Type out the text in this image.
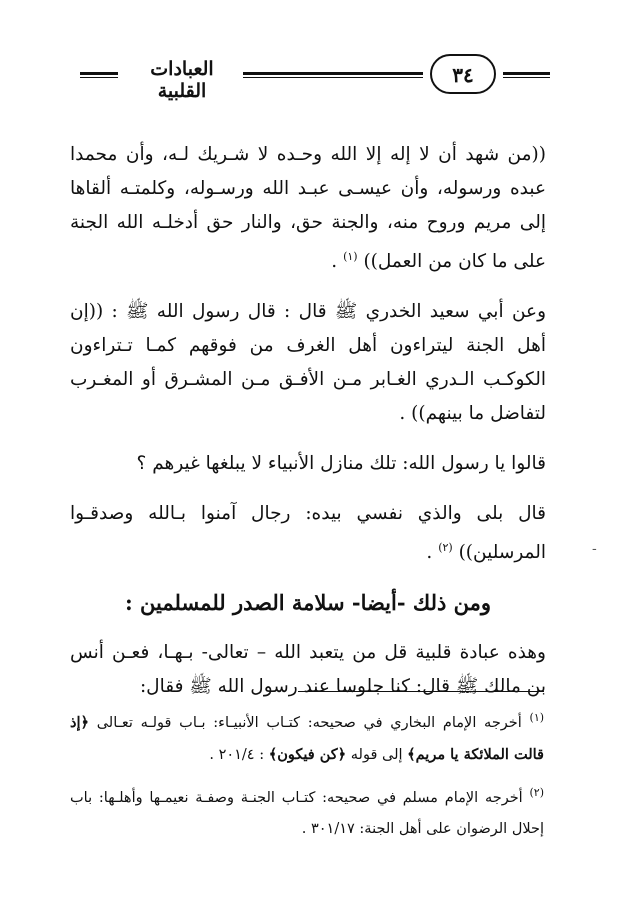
العبادات القلبية
٣٤

((من شهد أن لا إله إلا الله وحـده لا شـريك لـه، وأن محمدا عبده ورسوله، وأن عيسـى عبـد الله ورسـوله، وكلمتـه ألقاها إلى مريم وروح منه، والجنة حق، والنار حق أدخلـه الله الجنة على ما كان من العمل)) $^{(١)}$ .

وعن أبي سعيد الخدري ﷺ قال : قال رسول الله ﷺ : ((إن أهل الجنة ليتراءون أهل الغرف من فوقهم كمـا تـتراءون الكوكـب الـدري الغـابر مـن الأفـق مـن المشـرق أو المغـرب لتفاضل ما بينهم)) .

قالوا يا رسول الله: تلك منازل الأنبياء لا يبلغها غيرهم ؟

قال بلى والذي نفسي بيده: رجال آمنوا بـالله وصدقـوا المرسلين)) $^{(٢)}$ .

ومن ذلك -أيضا- سلامة الصدر للمسلمين :

وهذه عبادة قلبية قل من يتعبد الله – تعالى- بـهـا، فعـن أنس بن مالك ﷺ قال: كنا جلوسا عند رسول الله ﷺ فقال:

-

$^{(١)}$ أخرجه الإمام البخاري في صحيحه: كتـاب الأنبيـاء: بـاب قولـه تعـالى ﴿إذ قالت الملائكة يا مريم﴾ إلى قوله ﴿كن فيكون﴾ : ٢٠١/٤ .

$^{(٢)}$ أخرجه الإمام مسلم في صحيحه: كتـاب الجنـة وصفـة نعيمـها وأهلـها: باب إحلال الرضوان على أهل الجنة: ٣٠١/١٧ .
